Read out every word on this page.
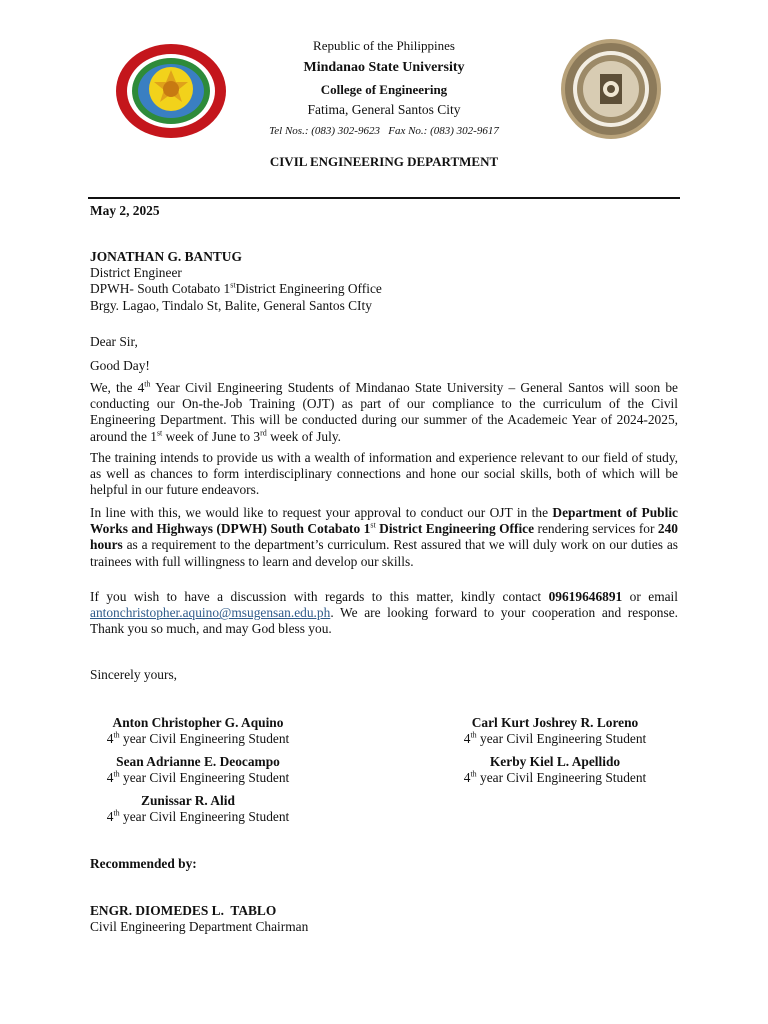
Republic of the Philippines
Mindanao State University
College of Engineering
Fatima, General Santos City
Tel Nos.: (083) 302-9623   Fax No.: (083) 302-9617
CIVIL ENGINEERING DEPARTMENT
May 2, 2025
JONATHAN G. BANTUG
District Engineer
DPWH- South Cotabato 1stDistrict Engineering Office
Brgy. Lagao, Tindalo St, Balite, General Santos CIty
Dear Sir,
Good Day!
We, the 4th Year Civil Engineering Students of Mindanao State University – General Santos will soon be conducting our On-the-Job Training (OJT) as part of our compliance to the curriculum of the Civil Engineering Department. This will be conducted during our summer of the Academeic Year of 2024-2025, around the 1st week of June to 3rd week of July.
The training intends to provide us with a wealth of information and experience relevant to our field of study, as well as chances to form interdisciplinary connections and hone our social skills, both of which will be helpful in our future endeavors.
In line with this, we would like to request your approval to conduct our OJT in the Department of Public Works and Highways (DPWH) South Cotabato 1st District Engineering Office rendering services for 240 hours as a requirement to the department’s curriculum. Rest assured that we will duly work on our duties as trainees with full willingness to learn and develop our skills.
If you wish to have a discussion with regards to this matter, kindly contact 09619646891 or email antonchristopher.aquino@msugensan.edu.ph. We are looking forward to your cooperation and response. Thank you so much, and may God bless you.
Sincerely yours,
Anton Christopher G. Aquino
4th year Civil Engineering Student
Carl Kurt Joshrey R. Loreno
4th year Civil Engineering Student
Sean Adrianne E. Deocampo
4th year Civil Engineering Student
Kerby Kiel L. Apellido
4th year Civil Engineering Student
Zunissar R. Alid
4th year Civil Engineering Student
Recommended by:
ENGR. DIOMEDES L.  TABLO
Civil Engineering Department Chairman
